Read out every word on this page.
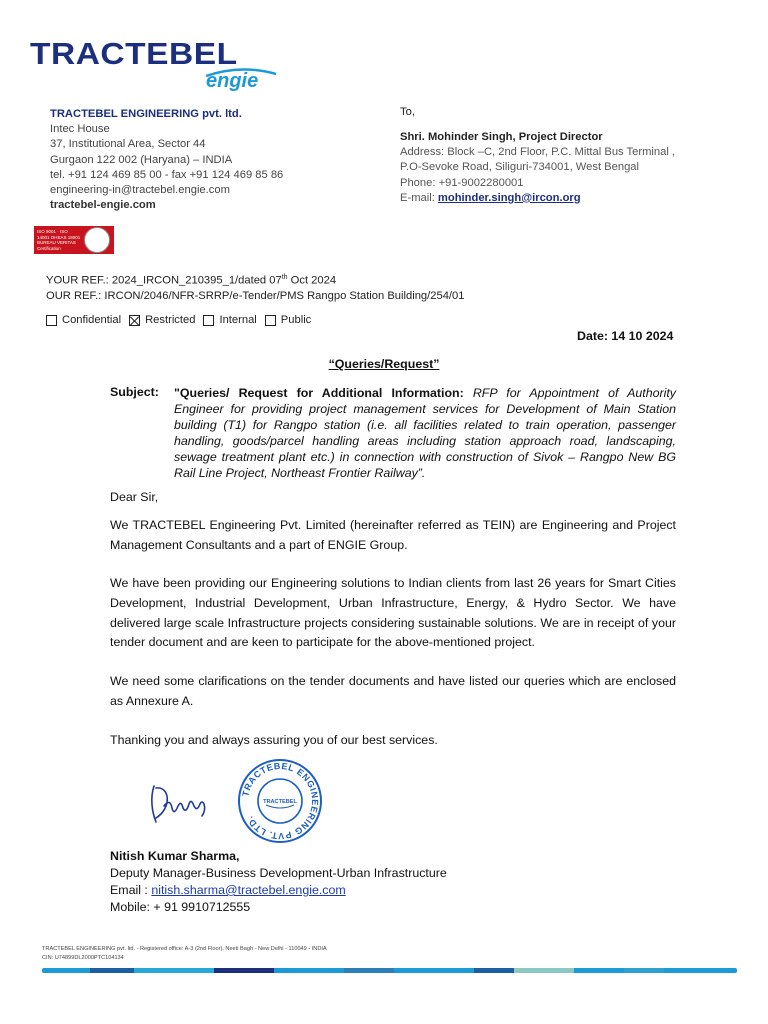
TRACTEBEL
engie
TRACTEBEL ENGINEERING pvt. ltd.
Intec House
37, Institutional Area, Sector 44
Gurgaon 122 002 (Haryana) – INDIA
tel. +91 124 469 85 00 - fax +91 124 469 85 86
engineering-in@tractebel.engie.com
tractebel-engie.com
To,
Shri. Mohinder Singh, Project Director
Address: Block –C, 2nd Floor, P.C. Mittal Bus Terminal ,
P.O-Sevoke Road, Siliguri-734001, West Bengal
Phone: +91-9002280001
E-mail: mohinder.singh@ircon.org
ISO 9001 · ISO 14001 OHSAS 18001 BUREAU VERITAS Certification
YOUR REF.: 2024_IRCON_210395_1/dated 07th Oct 2024
OUR REF.: IRCON/2046/NFR-SRRP/e-Tender/PMS Rangpo Station Building/254/01
Confidential Restricted Internal Public
Date: 14 10 2024
“Queries/Request”
Subject: "Queries/ Request for Additional Information: RFP for Appointment of Authority Engineer for providing project management services for Development of Main Station building (T1) for Rangpo station (i.e. all facilities related to train operation, passenger handling, goods/parcel handling areas including station approach road, landscaping, sewage treatment plant etc.) in connection with construction of Sivok – Rangpo New BG Rail Line Project, Northeast Frontier Railway”.
Dear Sir,
We TRACTEBEL Engineering Pvt. Limited (hereinafter referred as TEIN) are Engineering and Project Management Consultants and a part of ENGIE Group.
We have been providing our Engineering solutions to Indian clients from last 26 years for Smart Cities Development, Industrial Development, Urban Infrastructure, Energy, & Hydro Sector. We have delivered large scale Infrastructure projects considering sustainable solutions. We are in receipt of your tender document and are keen to participate for the above-mentioned project.
We need some clarifications on the tender documents and have listed our queries which are enclosed as Annexure A.
Thanking you and always assuring you of our best services.
TRACTEBEL ENGINEERING PVT. LTD.
TRACTEBEL
Nitish Kumar Sharma,
Deputy Manager-Business Development-Urban Infrastructure
Email : nitish.sharma@tractebel.engie.com
Mobile: + 91 9910712555
TRACTEBEL ENGINEERING pvt. ltd. - Registered office: A-3 (2nd Floor), Neeti Bagh - New Delhi - 110049 - INDIA
CIN: U74899DL2000PTC104134
